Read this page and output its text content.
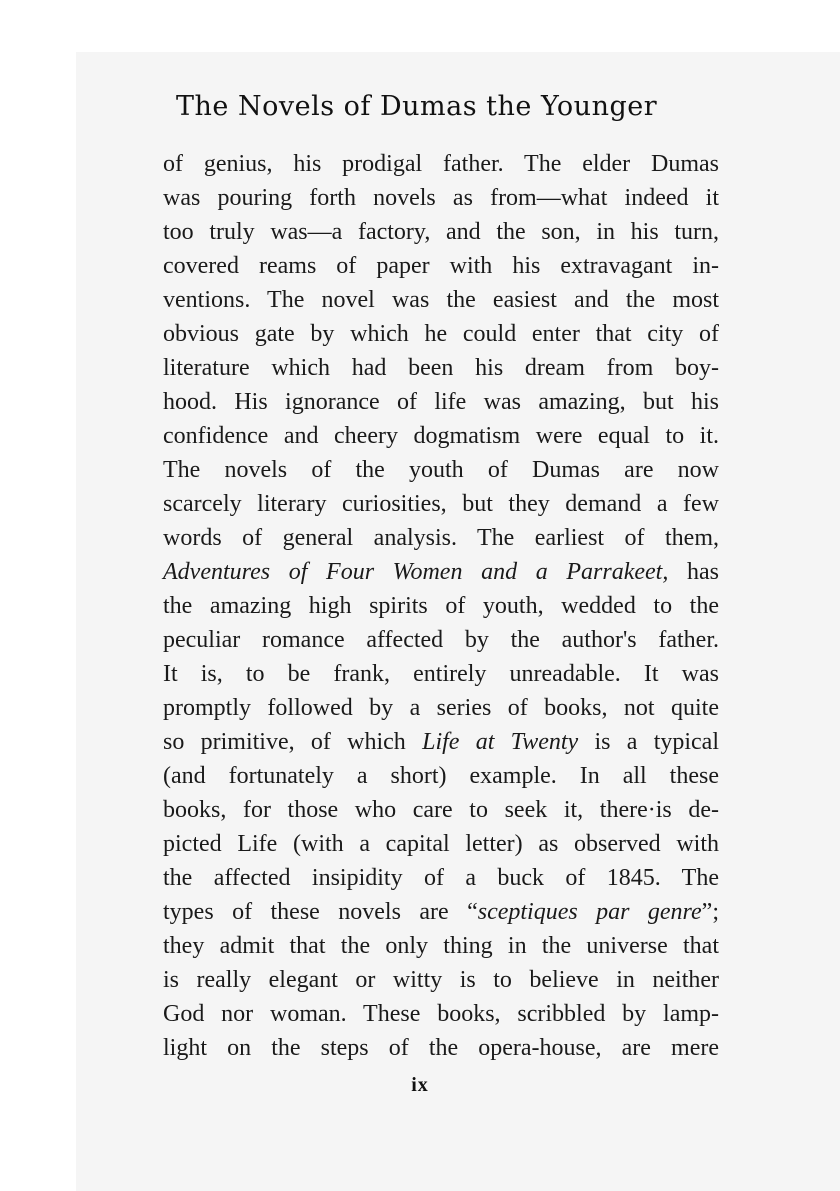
The Novels of Dumas the Younger
of genius, his prodigal father. The elder Dumas
was pouring forth novels as from—what indeed it
too truly was—a factory, and the son, in his turn,
covered reams of paper with his extravagant in-
ventions. The novel was the easiest and the most
obvious gate by which he could enter that city of
literature which had been his dream from boy-
hood. His ignorance of life was amazing, but his
confidence and cheery dogmatism were equal to it.
The novels of the youth of Dumas are now
scarcely literary curiosities, but they demand a few
words of general analysis. The earliest of them,
Adventures of Four Women and a Parrakeet, has
the amazing high spirits of youth, wedded to the
peculiar romance affected by the author's father.
It is, to be frank, entirely unreadable. It was
promptly followed by a series of books, not quite
so primitive, of which Life at Twenty is a typical
(and fortunately a short) example. In all these
books, for those who care to seek it, there·is de-
picted Life (with a capital letter) as observed with
the affected insipidity of a buck of 1845. The
types of these novels are “sceptiques par genre”;
they admit that the only thing in the universe that
is really elegant or witty is to believe in neither
God nor woman. These books, scribbled by lamp-
light on the steps of the opera-house, are mere
ix
